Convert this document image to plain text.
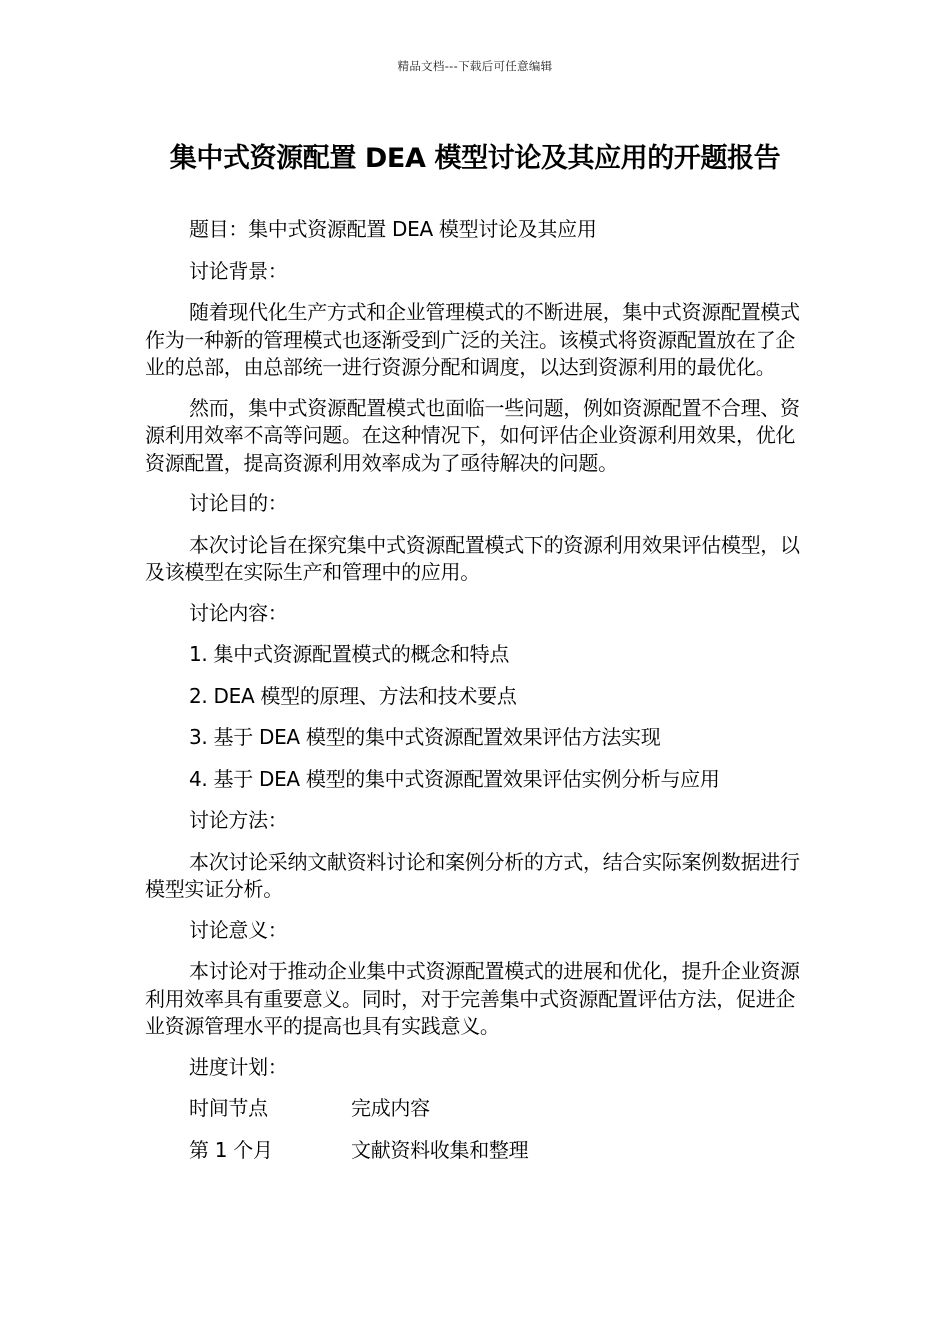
精品文档---下载后可任意编辑
集中式资源配置 DEA 模型讨论及其应用的开题报告

题目：集中式资源配置 DEA 模型讨论及其应用

讨论背景：

随着现代化生产方式和企业管理模式的不断进展，集中式资源配置模式作为一种新的管理模式也逐渐受到广泛的关注。该模式将资源配置放在了企业的总部，由总部统一进行资源分配和调度，以达到资源利用的最优化。

然而，集中式资源配置模式也面临一些问题，例如资源配置不合理、资源利用效率不高等问题。在这种情况下，如何评估企业资源利用效果，优化资源配置，提高资源利用效率成为了亟待解决的问题。

讨论目的：

本次讨论旨在探究集中式资源配置模式下的资源利用效果评估模型，以及该模型在实际生产和管理中的应用。

讨论内容：

1. 集中式资源配置模式的概念和特点

2. DEA 模型的原理、方法和技术要点

3. 基于 DEA 模型的集中式资源配置效果评估方法实现

4. 基于 DEA 模型的集中式资源配置效果评估实例分析与应用

讨论方法：

本次讨论采纳文献资料讨论和案例分析的方式，结合实际案例数据进行模型实证分析。

讨论意义：

本讨论对于推动企业集中式资源配置模式的进展和优化，提升企业资源利用效率具有重要意义。同时，对于完善集中式资源配置评估方法，促进企业资源管理水平的提高也具有实践意义。

进度计划：

时间节点	完成内容
第 1 个月	文献资料收集和整理
